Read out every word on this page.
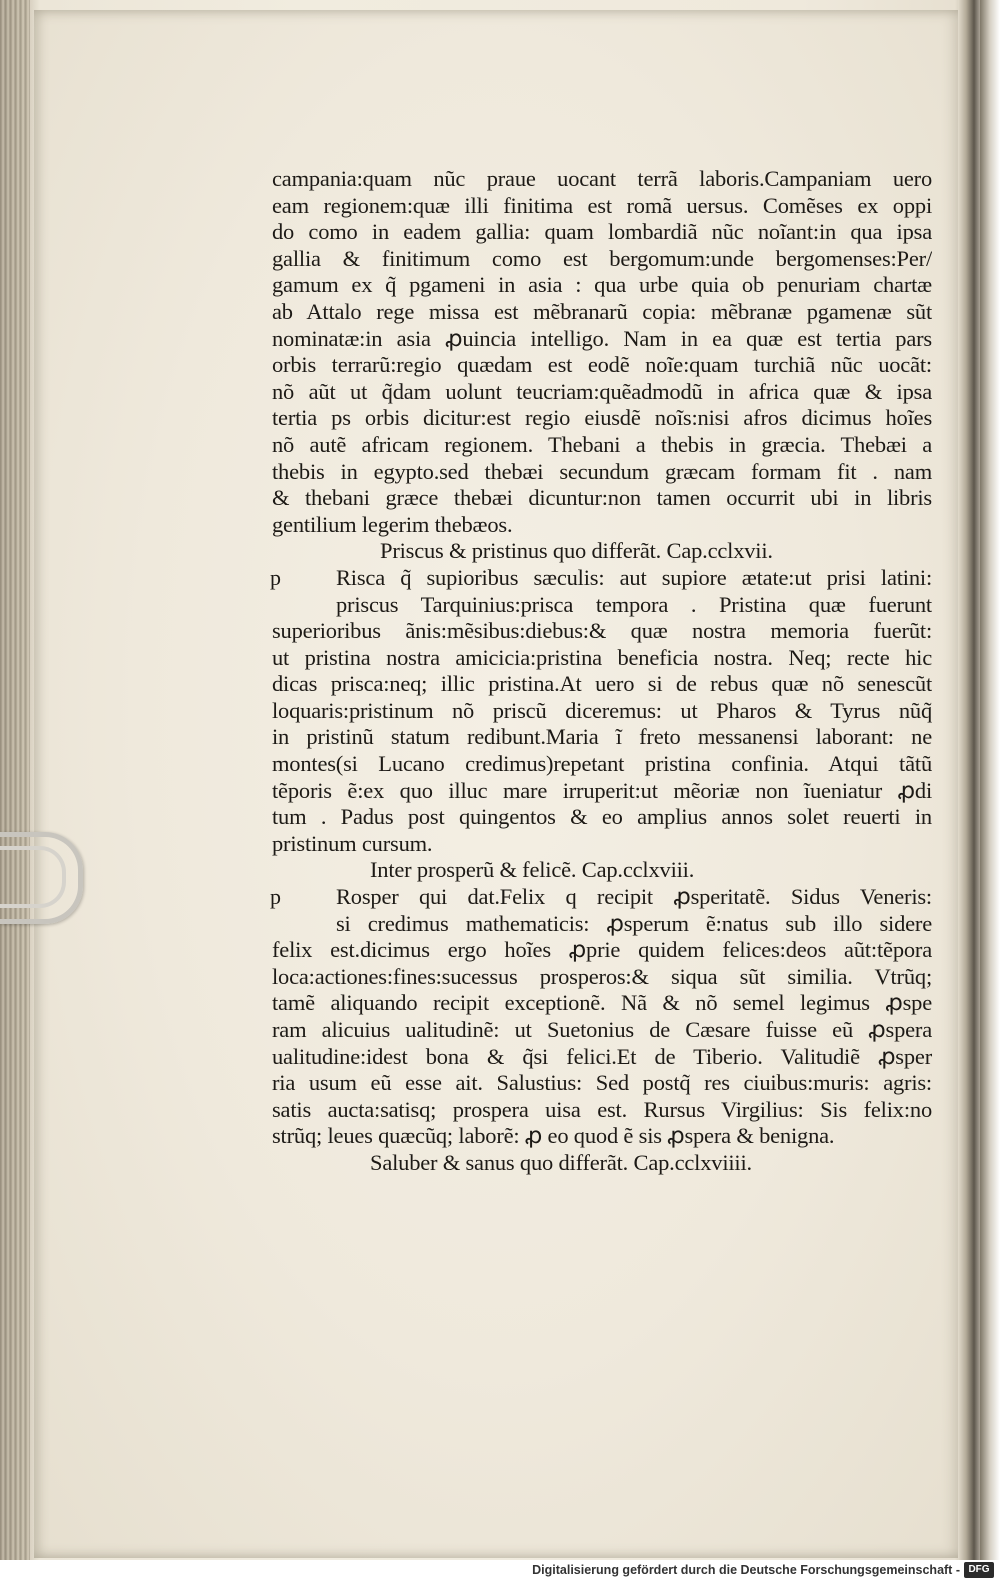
campania:quam nũc praue uocant terrã laboris.Campaniam uero
eam regionem:quæ illi finitima est romã uersus. Comẽses ex oppi
do como in eadem gallia: quam lombardiã nũc noĩant:in qua ipsa
gallia & finitimum como est bergomum:unde bergomenses:Per/
gamum ex q̃ pgameni in asia : qua urbe quia ob penuriam chartæ
ab Attalo rege missa est mẽbranarũ copia: mẽbranæ pgamenæ sũt
nominatæ:in asia ꝓuincia intelligo. Nam in ea quæ est tertia pars
orbis terrarũ:regio quædam est eodẽ noĩe:quam turchiã nũc uocãt:
nõ aũt ut q̃dam uolunt teucriam:quẽadmodũ in africa quæ & ipsa
tertia ps orbis dicitur:est regio eiusdẽ noĩs:nisi afros dicimus hoĩes
nõ autẽ africam regionem. Thebani a thebis in græcia. Thebæi a
thebis in egypto.sed thebæi secundum græcam formam fit . nam
& thebani græce thebæi dicuntur:non tamen occurrit ubi in libris
gentilium legerim thebæos.
Priscus & pristinus quo differãt. Cap.cclxvii.
p Risca q̃ supioribus sæculis: aut supiore ætate:ut prisi latini:
priscus Tarquinius:prisca tempora . Pristina quæ fuerunt
superioribus ãnis:mẽsibus:diebus:& quæ nostra memoria fuerũt:
ut pristina nostra amicicia:pristina beneficia nostra. Neq; recte hic
dicas prisca:neq; illic pristina.At uero si de rebus quæ nõ senescũt
loquaris:pristinum nõ priscũ diceremus: ut Pharos & Tyrus nũq̃
in pristinũ statum redibunt.Maria ĩ freto messanensi laborant: ne
montes(si Lucano credimus)repetant pristina confinia. Atqui tãtũ
tẽporis ẽ:ex quo illuc mare irruperit:ut mẽoriæ non ĩueniatur ꝓdi
tum . Padus post quingentos & eo amplius annos solet reuerti in
pristinum cursum.
Inter prosperũ & felicẽ. Cap.cclxviii.
p Rosper qui dat.Felix q recipit ꝓsperitatẽ. Sidus Veneris:
si credimus mathematicis: ꝓsperum ẽ:natus sub illo sidere
felix est.dicimus ergo hoĩes ꝓprie quidem felices:deos aũt:tẽpora
loca:actiones:fines:sucessus prosperos:& siqua sũt similia. Vtrũq;
tamẽ aliquando recipit exceptionẽ. Nã & nõ semel legimus ꝓspe
ram alicuius ualitudinẽ: ut Suetonius de Cæsare fuisse eũ ꝓspera
ualitudine:idest bona & q̃si felici.Et de Tiberio. Valitudiẽ ꝓsper
ria usum eũ esse ait. Salustius: Sed postq̃ res ciuibus:muris: agris:
satis aucta:satisq; prospera uisa est. Rursus Virgilius: Sis felix:no
strũq; leues quæcũq; laborẽ: ꝓ eo quod ẽ sis ꝓspera & benigna.
Saluber & sanus quo differãt. Cap.cclxviiii.
Digitalisierung gefördert durch die Deutsche Forschungsgemeinschaft - DFG
